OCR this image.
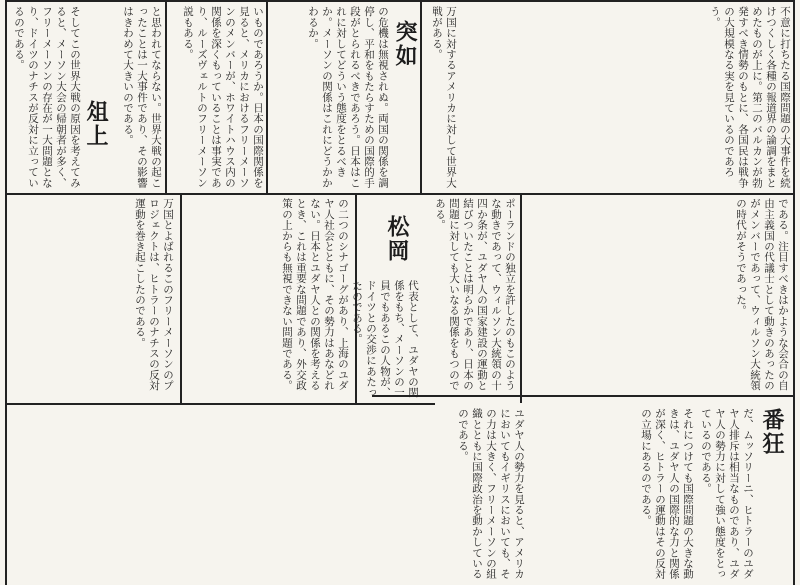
不意に打ちたる国際問題の大事件を続けつくしく各種の報道界の論調をまとめたものが上に。第二のバルカンが勃発すべき情勢のもとに、各国民は戦争の大規模なる実を見ているのであろう。
万国に対するアメリカに対して世界大戦がある。
突如
の危機は無視されぬ。両国の関係を調停し、平和をもたらすための国際的手段がとられるべきであろう。日本はこれに対してどういう態度をとるべきか。メーソンの関係はこれにどうかかわるか。
いものであろうか。日本の国際関係を見ると、メリカにおけるフリーメーソンのメンバーが、ホワイトハウス内の関係を深くもっていることは事実であり、ルーズヴェルトのフリーメーソン説もある。
と思われてならない。世界大戦の起こったことは一大事件であり、その影響はきわめて大きいのである。
そしてこの世界大戦の原因を考えてみると、メーソン大会の帰朝者が多く、フリーメーソンの存在が一大問題となり、ドイツのナチスが反対に立っているのである。
俎上
である。注目すべきはかような会合の自由主義国の代議士として動きのあったのがメンバーであって、ウィルソン大統領の時代がそうであった。
ポーランドの独立を許したのもこのような動きであって、ウィルソン大統領の十四か条が、ユダヤ人の国家建設の運動と結びついたことは明らかであり、日本の問題に対しても大いなる関係をもつのである。
松岡
代表として、ユダヤの関係をもち、メーソンの一員でもあるこの人物が、ドイツとの交渉にあたったのである。
の二つのシナゴーグがあり、上海のユダヤ人社会とともに、その勢力はあなどれない。日本とユダヤ人との関係を考えるとき、これは重要な問題であり、外交政策の上からも無視できない問題である。
万国とよばれるこのフリーメーソンのプロジェクトは、ヒトラーのナチスの反対運動を巻き起こしたのである。
番狂
だ、ムッソリーニ、ヒトラーのユダヤ人排斥は相当なものであり、ユダヤ人の勢力に対して強い態度をとっているのである。
それにつけても国際問題の大きな動きは、ユダヤ人の国際的な力と関係が深く、ヒトラーの運動はその反対の立場にあるのである。
ユダヤ人の勢力を見ると、アメリカにおいてもイギリスにおいても、その力は大きく、フリーメーソンの組織とともに国際政治を動かしているのである。
